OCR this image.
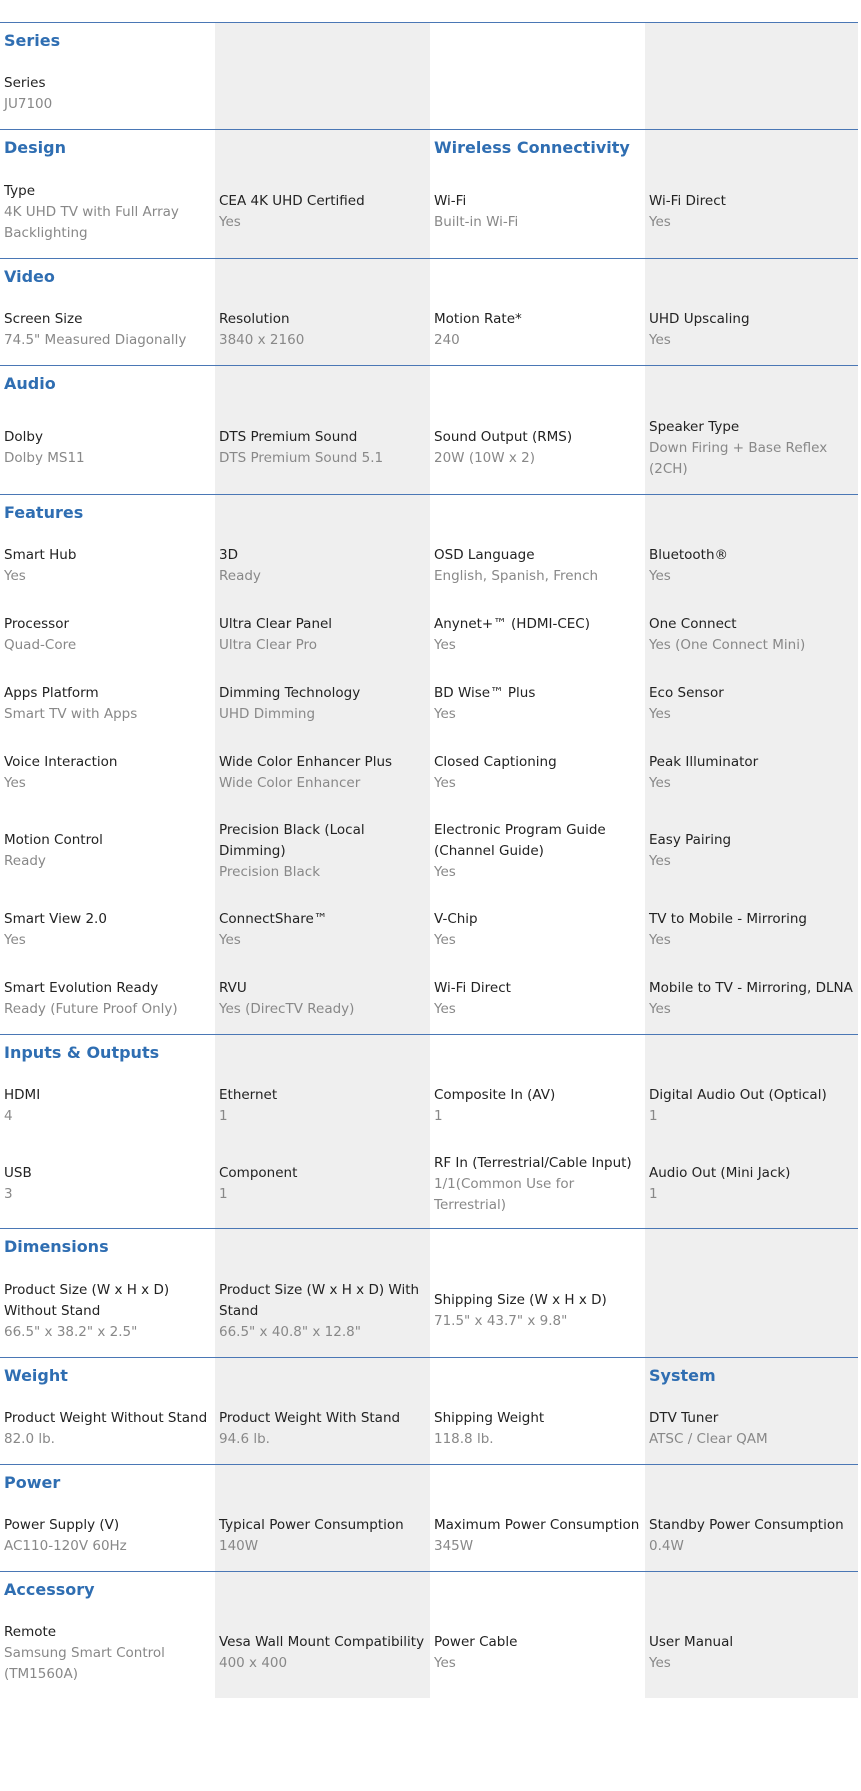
Series
Series
JU7100
Design
Type
4K UHD TV with Full Array Backlighting
CEA 4K UHD Certified
Yes
Wireless Connectivity
Wi-Fi
Built-in Wi-Fi
Wi-Fi Direct
Yes
Video
Screen Size
74.5" Measured Diagonally
Resolution
3840 x 2160
Motion Rate*
240
UHD Upscaling
Yes
Audio
Dolby
Dolby MS11
DTS Premium Sound
DTS Premium Sound 5.1
Sound Output (RMS)
20W (10W x 2)
Speaker Type
Down Firing + Base Reflex (2CH)
Features
Smart Hub
Yes
Processor
Quad-Core
Apps Platform
Smart TV with Apps
Voice Interaction
Yes
Motion Control
Ready
Smart View 2.0
Yes
Smart Evolution Ready
Ready (Future Proof Only)
3D
Ready
Ultra Clear Panel
Ultra Clear Pro
Dimming Technology
UHD Dimming
Wide Color Enhancer Plus
Wide Color Enhancer
Precision Black (Local Dimming)
Precision Black
ConnectShare™
Yes
RVU
Yes (DirecTV Ready)
OSD Language
English, Spanish, French
Anynet+™ (HDMI-CEC)
Yes
BD Wise™ Plus
Yes
Closed Captioning
Yes
Electronic Program Guide (Channel Guide)
Yes
V-Chip
Yes
Wi-Fi Direct
Yes
Bluetooth®
Yes
One Connect
Yes (One Connect Mini)
Eco Sensor
Yes
Peak Illuminator
Yes
Easy Pairing
Yes
TV to Mobile - Mirroring
Yes
Mobile to TV - Mirroring, DLNA
Yes
Inputs & Outputs
HDMI
4
USB
3
Ethernet
1
Component
1
Composite In (AV)
1
RF In (Terrestrial/Cable Input)
1/1(Common Use for Terrestrial)
Digital Audio Out (Optical)
1
Audio Out (Mini Jack)
1
Dimensions
Product Size (W x H x D) Without Stand
66.5" x 38.2" x 2.5"
Product Size (W x H x D) With Stand
66.5" x 40.8" x 12.8"
Shipping Size (W x H x D)
71.5" x 43.7" x 9.8"
Weight
Product Weight Without Stand
82.0 lb.
Product Weight With Stand
94.6 lb.
Shipping Weight
118.8 lb.
System
DTV Tuner
ATSC / Clear QAM
Power
Power Supply (V)
AC110-120V 60Hz
Typical Power Consumption
140W
Maximum Power Consumption
345W
Standby Power Consumption
0.4W
Accessory
Remote
Samsung Smart Control (TM1560A)
Vesa Wall Mount Compatibility
400 x 400
Power Cable
Yes
User Manual
Yes
